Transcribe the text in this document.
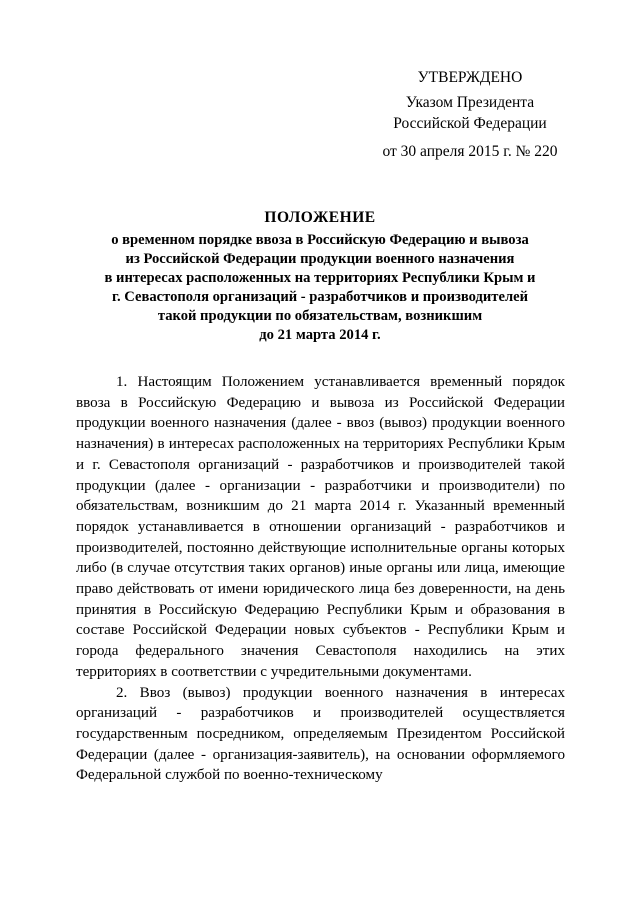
УТВЕРЖДЕНО
Указом Президента
Российской Федерации
от 30 апреля 2015 г. № 220
ПОЛОЖЕНИЕ
о временном порядке ввоза в Российскую Федерацию и вывоза
из Российской Федерации продукции военного назначения
в интересах расположенных на территориях Республики Крым и
г. Севастополя организаций - разработчиков и производителей
такой продукции по обязательствам, возникшим
до 21 марта 2014 г.

1. Настоящим Положением устанавливается временный порядок ввоза в Российскую Федерацию и вывоза из Российской Федерации продукции военного назначения (далее - ввоз (вывоз) продукции военного назначения) в интересах расположенных на территориях Республики Крым и г. Севастополя организаций - разработчиков и производителей такой продукции (далее - организации - разработчики и производители) по обязательствам, возникшим до 21 марта 2014 г. Указанный временный порядок устанавливается в отношении организаций - разработчиков и производителей, постоянно действующие исполнительные органы которых либо (в случае отсутствия таких органов) иные органы или лица, имеющие право действовать от имени юридического лица без доверенности, на день принятия в Российскую Федерацию Республики Крым и образования в составе Российской Федерации новых субъектов - Республики Крым и города федерального значения Севастополя находились на этих территориях в соответствии с учредительными документами.

2. Ввоз (вывоз) продукции военного назначения в интересах организаций - разработчиков и производителей осуществляется государственным посредником, определяемым Президентом Российской Федерации (далее - организация-заявитель), на основании оформляемого Федеральной службой по военно-техническому
